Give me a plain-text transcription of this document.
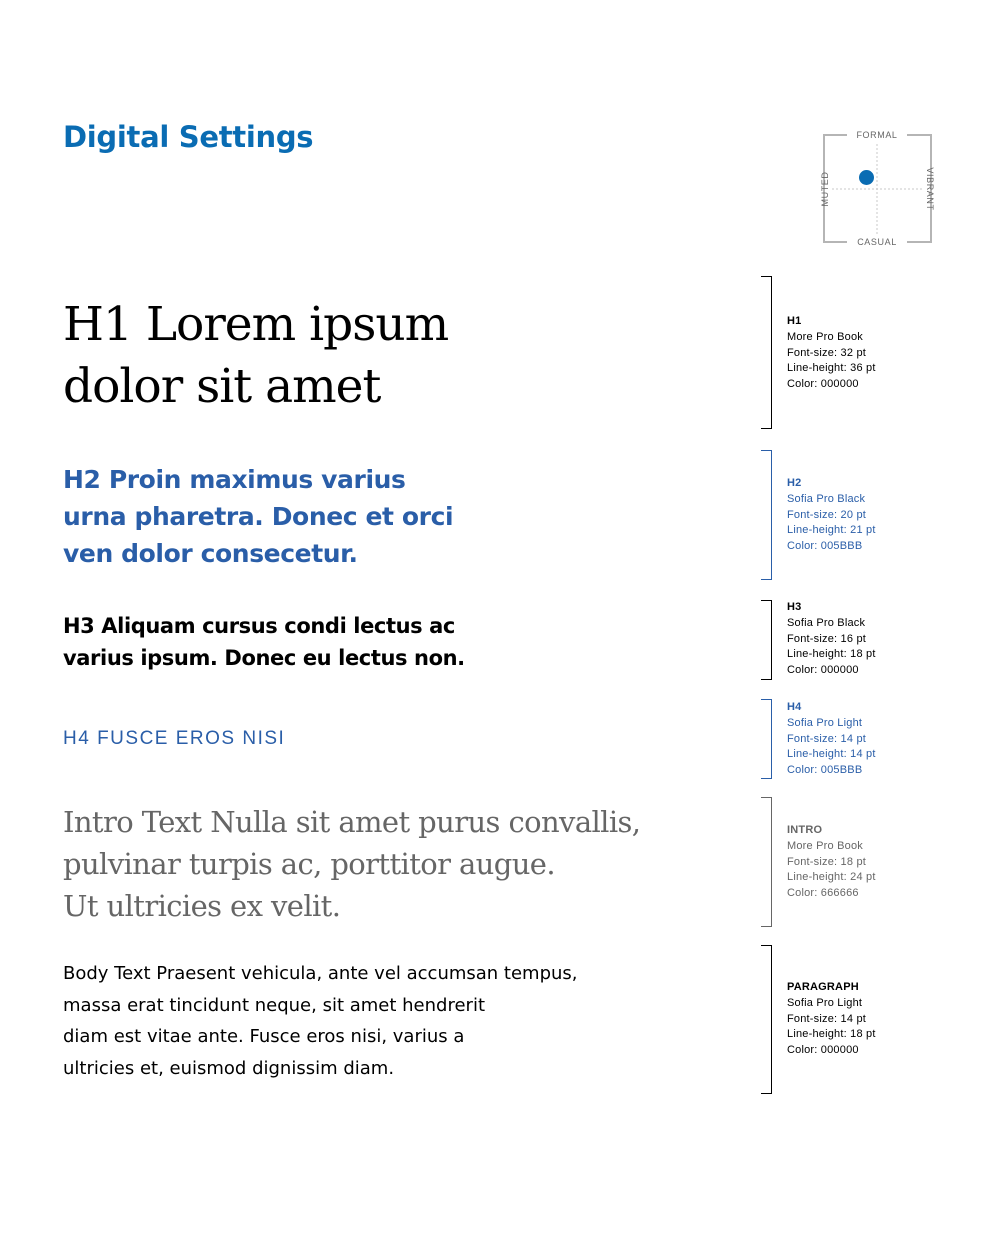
Digital Settings	FORMAL
CASUAL
MUTED	VIBRANT
H1 Lorem ipsum
dolor sit amet
H2 Proin maximus varius
urna pharetra. Donec et orci
ven dolor consecetur.
H3 Aliquam cursus condi lectus ac
varius ipsum. Donec eu lectus non.
H4 FUSCE EROS NISI

Intro Text Nulla sit amet purus convallis,
pulvinar turpis ac, porttitor augue.
Ut ultricies ex velit.

Body Text Praesent vehicula, ante vel accumsan tempus,
massa erat tincidunt neque, sit amet hendrerit
diam est vitae ante. Fusce eros nisi, varius a
ultricies et, euismod dignissim diam.

H1
More Pro Book
Font-size: 32 pt
Line-height: 36 pt
Color: 000000
H2
Sofia Pro Black
Font-size: 20 pt
Line-height: 21 pt
Color: 005BBB
H3
Sofia Pro Black
Font-size: 16 pt
Line-height: 18 pt
Color: 000000
H4
Sofia Pro Light
Font-size: 14 pt
Line-height: 14 pt
Color: 005BBB
INTRO
More Pro Book
Font-size: 18 pt
Line-height: 24 pt
Color: 666666
PARAGRAPH
Sofia Pro Light
Font-size: 14 pt
Line-height: 18 pt
Color: 000000
